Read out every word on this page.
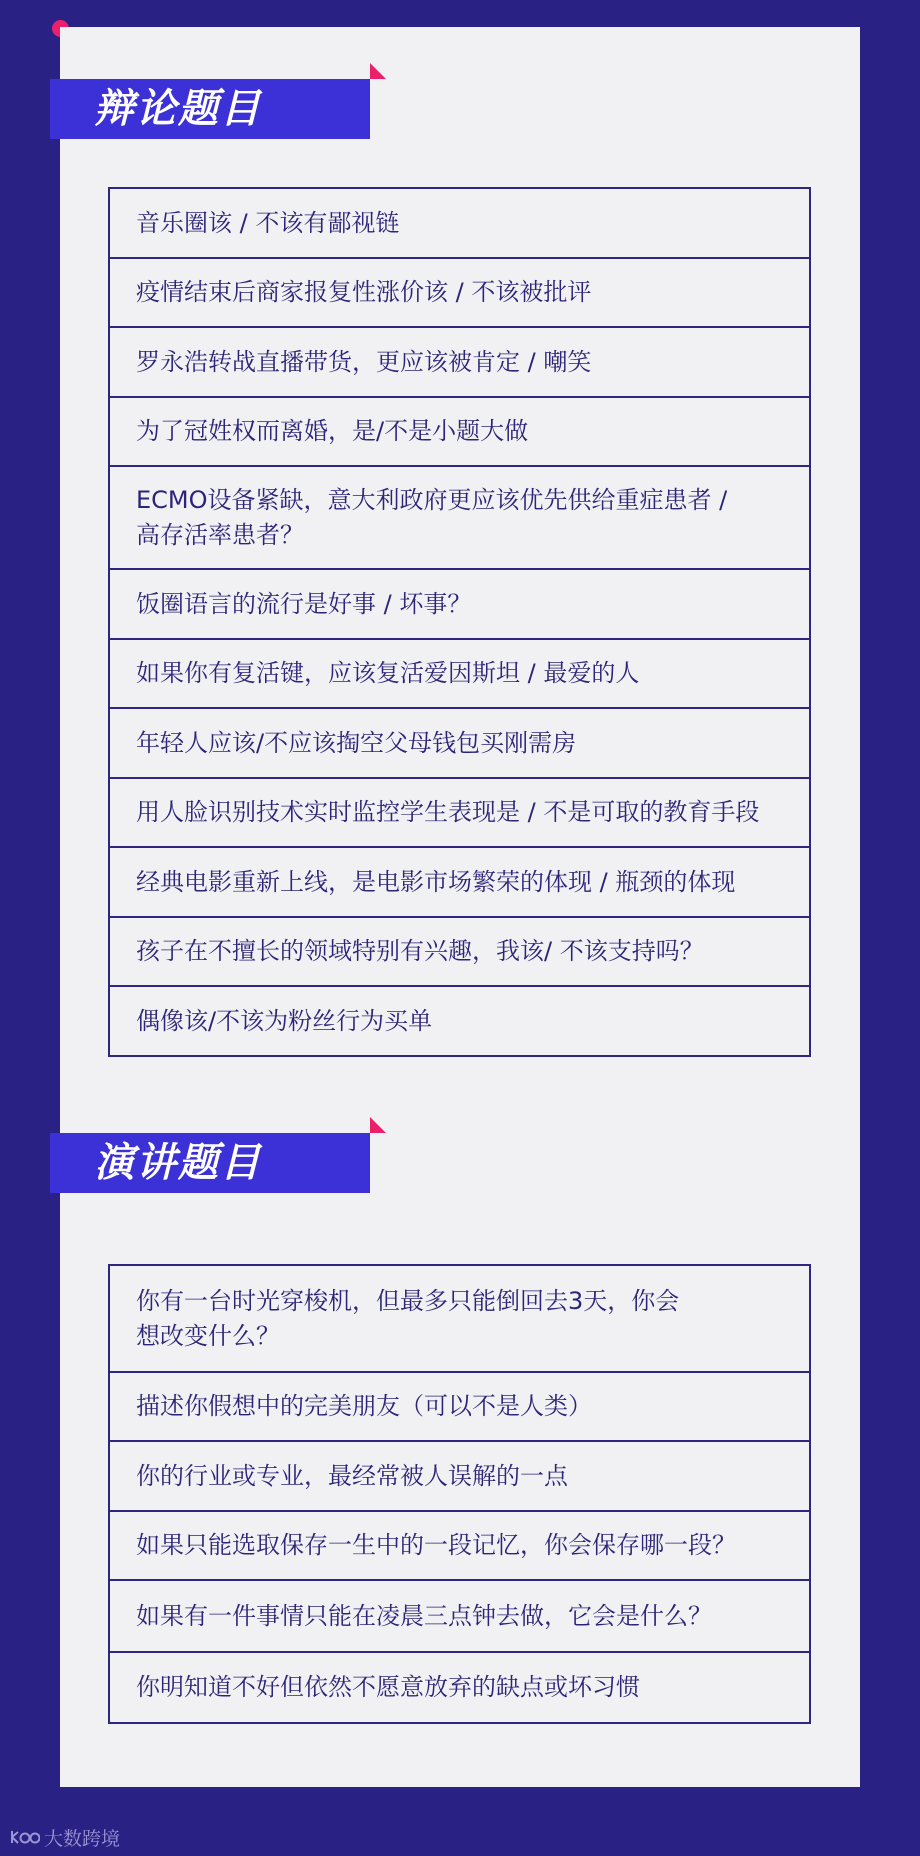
辩论题目
音乐圈该 / 不该有鄙视链
疫情结束后商家报复性涨价该 / 不该被批评
罗永浩转战直播带货，更应该被肯定 / 嘲笑
为了冠姓权而离婚，是/不是小题大做
ECMO设备紧缺，意大利政府更应该优先供给重症患者 /
高存活率患者？
饭圈语言的流行是好事 / 坏事？
如果你有复活键，应该复活爱因斯坦 / 最爱的人
年轻人应该/不应该掏空父母钱包买刚需房
用人脸识别技术实时监控学生表现是 / 不是可取的教育手段
经典电影重新上线，是电影市场繁荣的体现 / 瓶颈的体现
孩子在不擅长的领域特别有兴趣，我该/ 不该支持吗？
偶像该/不该为粉丝行为买单
演讲题目
你有一台时光穿梭机，但最多只能倒回去3天，你会
想改变什么？
描述你假想中的完美朋友（可以不是人类）
你的行业或专业，最经常被人误解的一点
如果只能选取保存一生中的一段记忆，你会保存哪一段？
如果有一件事情只能在凌晨三点钟去做，它会是什么？
你明知道不好但依然不愿意放弃的缺点或坏习惯
大数跨境
